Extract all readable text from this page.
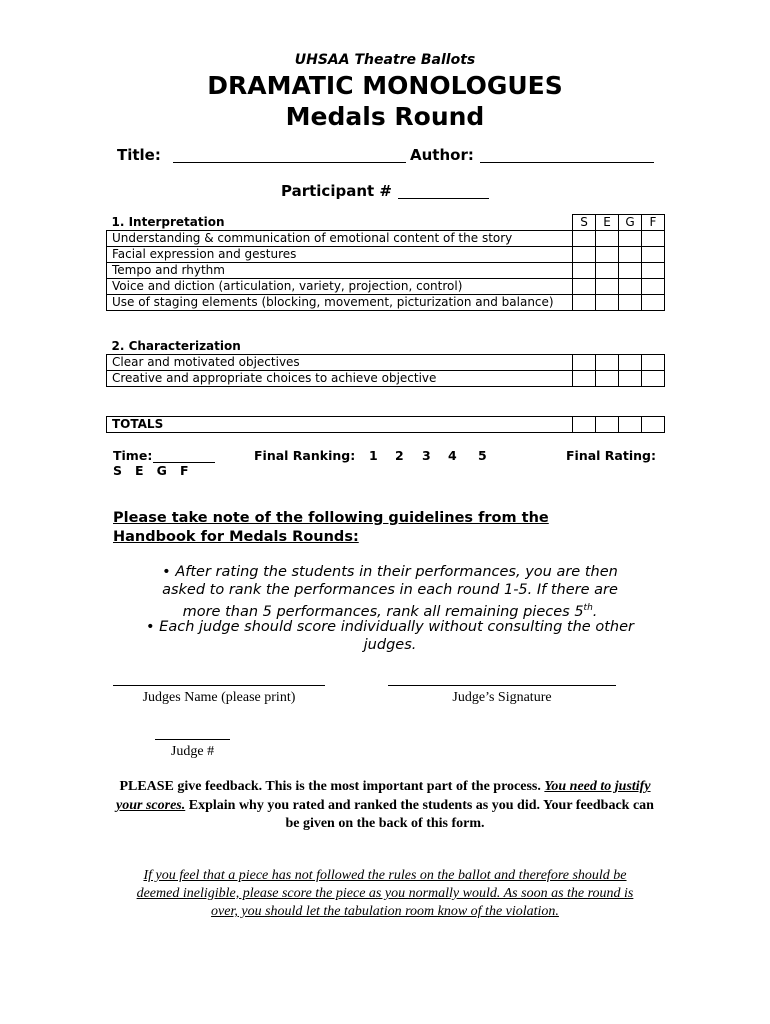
UHSAA Theatre Ballots
DRAMATIC MONOLOGUES
Medals Round
Title:	Author:
Participant #
1. Interpretation	S	E	G	F
Understanding & communication of emotional content of the story				
Facial expression and gestures				
Tempo and rhythm				
Voice and diction (articulation, variety, projection, control)				
Use of staging elements (blocking, movement, picturization and balance)				
2. Characterization				
Clear and motivated objectives				
Creative and appropriate choices to achieve objective				
TOTALS				
Time:
S   E   G   F
Final Ranking: 1 2 3 4 5	Final Rating:
Please take note of the following guidelines from the
Handbook for Medals Rounds:
• After rating the students in their performances, you are then
asked to rank the performances in each round 1-5. If there are
more than 5 performances, rank all remaining pieces 5th.
• Each judge should score individually without consulting the other
judges.
Judges Name (please print)	Judge’s Signature
Judge #
PLEASE give feedback. This is the most important part of the process. You need to justify your scores. Explain why you rated and ranked the students as you did. Your feedback can be given on the back of this form.
If you feel that a piece has not followed the rules on the ballot and therefore should be
deemed ineligible, please score the piece as you normally would. As soon as the round is
over, you should let the tabulation room know of the violation.
